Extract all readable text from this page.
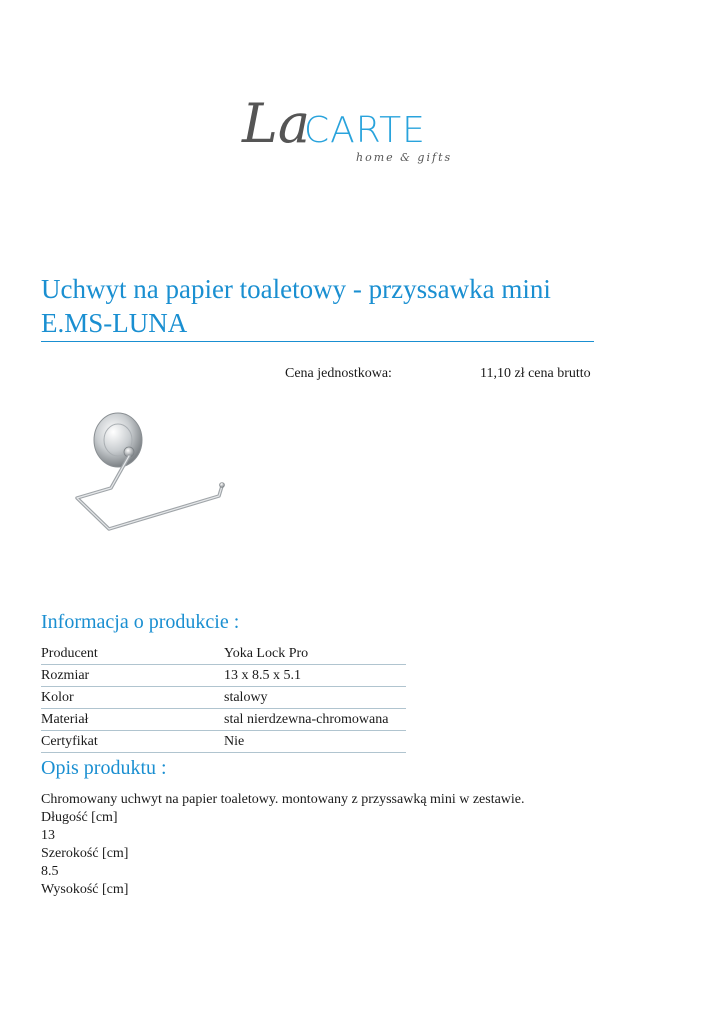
La
CARTE
home & gifts
Uchwyt na papier toaletowy - przyssawka mini
E.MS-LUNA
Cena jednostkowa:	11,10 zł cena brutto
Informacja o produkcie :
Producent	Yoka Lock Pro
Rozmiar	13 x 8.5 x 5.1
Kolor	stalowy
Materiał	stal nierdzewna-chromowana
Certyfikat	Nie
Opis produktu :
Chromowany uchwyt na papier toaletowy. montowany z przyssawką mini w zestawie.
Długość [cm]
13
Szerokość [cm]
8.5
Wysokość [cm]
